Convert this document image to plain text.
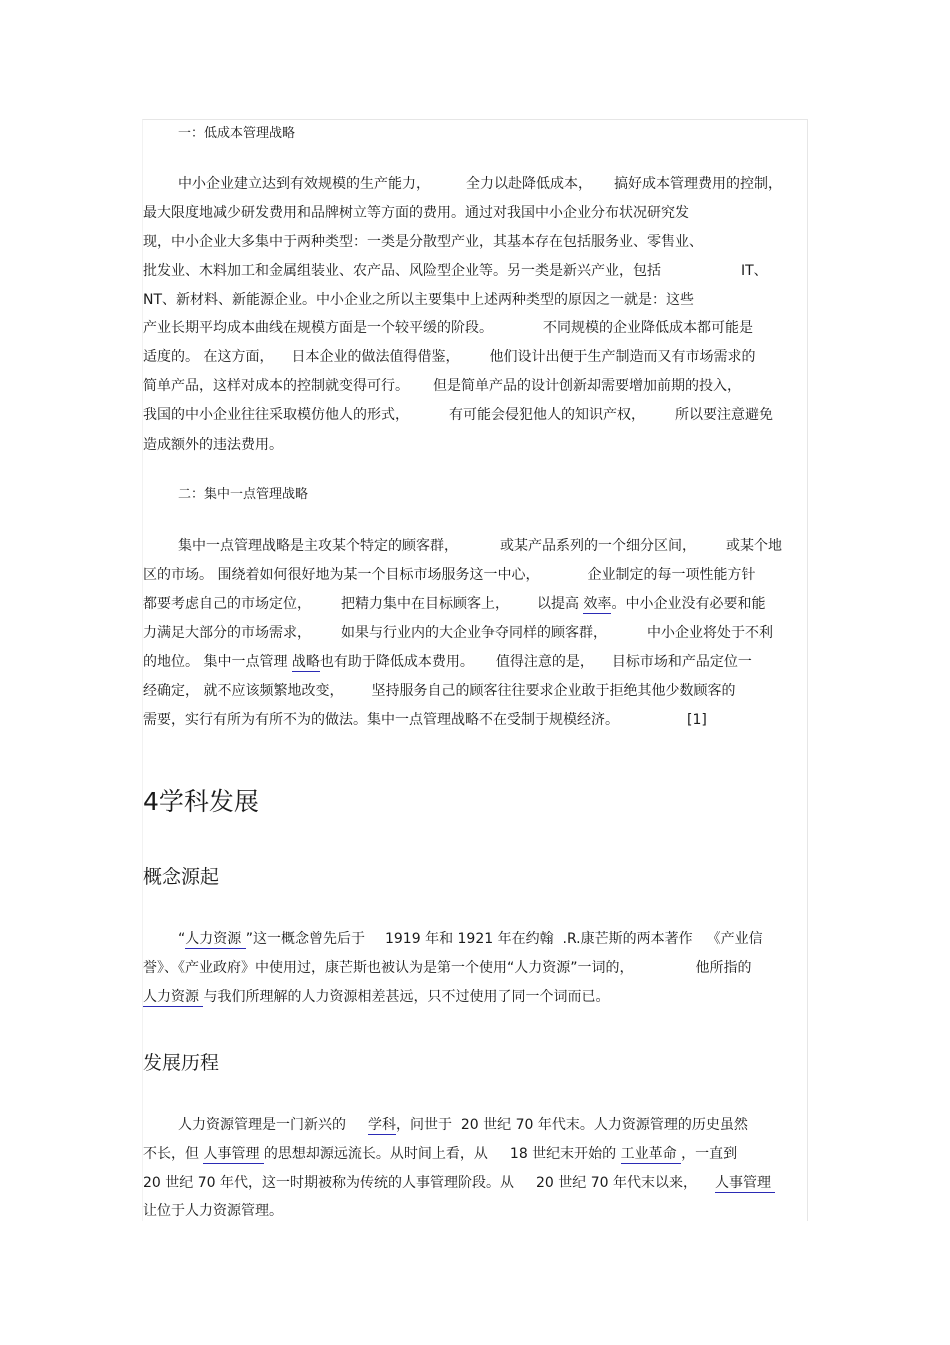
一：低成本管理战略
中小企业建立达到有效规模的生产能力，	全力以赴降低成本， 搞好成本管理费用的控制，
最大限度地减少研发费用和品牌树立等方面的费用。通过对我国中小企业分布状况研究发
现，中小企业大多集中于两种类型：一类是分散型产业，其基本存在包括服务业、零售业、
批发业、木料加工和金属组装业、农产品、风险型企业等。另一类是新兴产业，包括	IT、
NT、新材料、新能源企业。中小企业之所以主要集中上述两种类型的原因之一就是：这些
产业长期平均成本曲线在规模方面是一个较平缓的阶段。	不同规模的企业降低成本都可能是
适度的。 在这方面， 日本企业的做法值得借鉴， 他们设计出便于生产制造而又有市场需求的
简单产品，这样对成本的控制就变得可行。 但是简单产品的设计创新却需要增加前期的投入，
我国的中小企业往往采取模仿他人的形式，	有可能会侵犯他人的知识产权， 所以要注意避免
造成额外的违法费用。
二：集中一点管理战略
集中一点管理战略是主攻某个特定的顾客群，	或某产品系列的一个细分区间， 或某个地
区的市场。 围绕着如何很好地为某一个目标市场服务这一中心，	企业制定的每一项性能方针
都要考虑自己的市场定位， 把精力集中在目标顾客上， 以提高 效率。中小企业没有必要和能
力满足大部分的市场需求， 如果与行业内的大企业争夺同样的顾客群，	中小企业将处于不利
的地位。 集中一点管理 战略也有助于降低成本费用。 值得注意的是， 目标市场和产品定位一
经确定， 就不应该频繁地改变， 坚持服务自己的顾客往往要求企业敢于拒绝其他少数顾客的
需要，实行有所为有所不为的做法。集中一点管理战略不在受制于规模经济。	[1]
4学科发展
概念源起
“人力资源 ”这一概念曾先后于 1919 年和 1921 年在约翰  .R.康芒斯的两本著作 《产业信
誉》、《产业政府》中使用过，康芒斯也被认为是第一个使用“人力资源”一词的，	他所指的
人力资源 与我们所理解的人力资源相差甚远，只不过使用了同一个词而已。
发展历程
人力资源管理是一门新兴的 学科，问世于  20 世纪 70 年代末。人力资源管理的历史虽然
不长，但 人事管理 的思想却源远流长。从时间上看，从 18 世纪末开始的 工业革命 ，一直到
20 世纪 70 年代，这一时期被称为传统的人事管理阶段。从 20 世纪 70 年代末以来， 人事管理
让位于人力资源管理。
